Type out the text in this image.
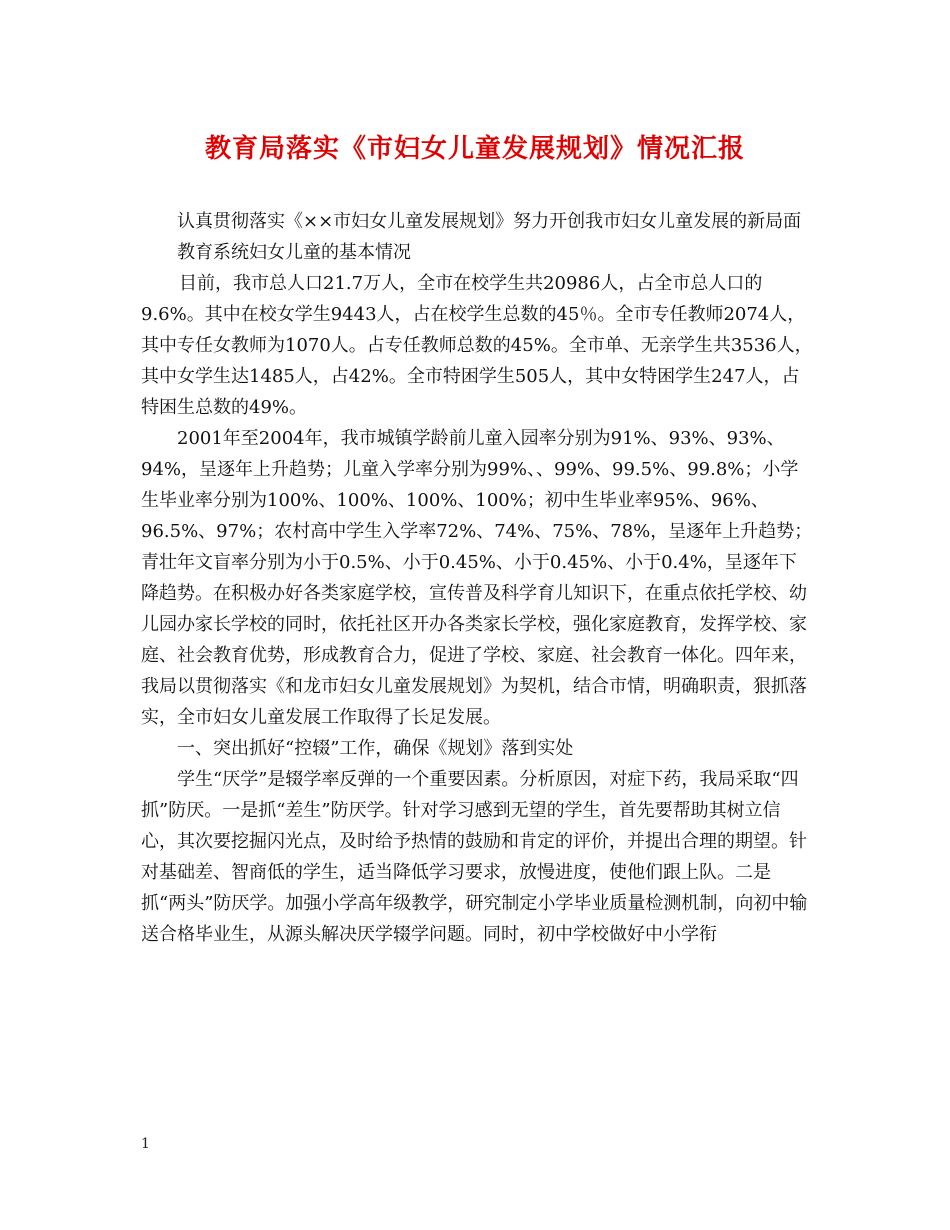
教育局落实《市妇女儿童发展规划》情况汇报

认真贯彻落实《××市妇女儿童发展规划》努力开创我市妇女儿童发展的新局面

教育系统妇女儿童的基本情况

目前，我市总人口21.7万人，全市在校学生共20986人，占全市总人口的9.6%。其中在校女学生9443人，占在校学生总数的45％。全市专任教师2074人，其中专任女教师为1070人。占专任教师总数的45%。全市单、无亲学生共3536人，其中女学生达1485人，占42%。全市特困学生505人，其中女特困学生247人，占特困生总数的49%。

2001年至2004年，我市城镇学龄前儿童入园率分别为91%、93%、93%、94%，呈逐年上升趋势；儿童入学率分别为99%、、99%、99.5%、99.8%；小学生毕业率分别为100%、100%、100%、100%；初中生毕业率95%、96%、96.5%、97%；农村高中学生入学率72%、74%、75%、78%，呈逐年上升趋势；青壮年文盲率分别为小于0.5%、小于0.45%、小于0.45%、小于0.4%，呈逐年下降趋势。在积极办好各类家庭学校，宣传普及科学育儿知识下，在重点依托学校、幼儿园办家长学校的同时，依托社区开办各类家长学校，强化家庭教育，发挥学校、家庭、社会教育优势，形成教育合力，促进了学校、家庭、社会教育一体化。四年来，我局以贯彻落实《和龙市妇女儿童发展规划》为契机，结合市情，明确职责，狠抓落实，全市妇女儿童发展工作取得了长足发展。

一、突出抓好“控辍”工作，确保《规划》落到实处

学生“厌学”是辍学率反弹的一个重要因素。分析原因，对症下药，我局采取“四抓”防厌。一是抓“差生”防厌学。针对学习感到无望的学生，首先要帮助其树立信心，其次要挖掘闪光点，及时给予热情的鼓励和肯定的评价，并提出合理的期望。针对基础差、智商低的学生，适当降低学习要求，放慢进度，使他们跟上队。二是抓“两头”防厌学。加强小学高年级教学，研究制定小学毕业质量检测机制，向初中输送合格毕业生，从源头解决厌学辍学问题。同时，初中学校做好中小学衔

1
